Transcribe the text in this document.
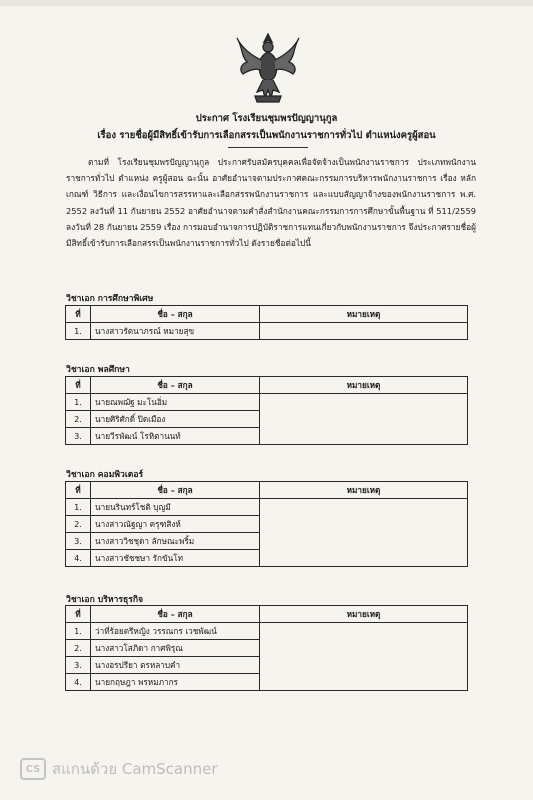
ประกาศ โรงเรียนชุมพรปัญญานุกูล
เรื่อง รายชื่อผู้มีสิทธิ์เข้ารับการเลือกสรรเป็นพนักงานราชการทั่วไป ตำแหน่งครูผู้สอน
ตามที่ โรงเรียนชุมพรปัญญานุกูล ประกาศรับสมัครบุคคลเพื่อจัดจ้างเป็นพนักงานราชการ ประเภทพนักงานราชการทั่วไป ตำแหน่ง ครูผู้สอน ฉะนั้น อาศัยอำนาจตามประกาศคณะกรรมการบริหารพนักงานราชการ เรื่อง หลักเกณฑ์ วิธีการ และเงื่อนไขการสรรหาและเลือกสรรพนักงานราชการ และแบบสัญญาจ้างของพนักงานราชการ พ.ศ. 2552 ลงวันที่ 11 กันยายน 2552 อาศัยอำนาจตามคำสั่งสำนักงานคณะกรรมการการศึกษาขั้นพื้นฐาน ที่ 511/2559 ลงวันที่ 28 กันยายน 2559 เรื่อง การมอบอำนาจการปฏิบัติราชการแทนเกี่ยวกับพนักงานราชการ จึงประกาศรายชื่อผู้มีสิทธิ์เข้ารับการเลือกสรรเป็นพนักงานราชการทั่วไป ดังรายชื่อต่อไปนี้
วิชาเอก การศึกษาพิเศษ
ที่	ชื่อ – สกุล	หมายเหตุ
1.	นางสาวรัตนาภรณ์ หมายสุข	
วิชาเอก พลศึกษา
ที่	ชื่อ – สกุล	หมายเหตุ
1.	นายณพฌัฐ มะโนอิ่ม	
2.	นายศิริศักดิ์ ปิดเมือง	
3.	นายวีรพัฒน์ โรหิตานนท์	
วิชาเอก คอมพิวเตอร์
ที่	ชื่อ – สกุล	หมายเหตุ
1.	นายนรินทร์โชติ บุญมี	
2.	นางสาวณัฐญา ครุฑสิงห์	
3.	นางสาววิชชุดา ลักษณะพริ้ม	
4.	นางสาวชัชชษา รักขันโท	
วิชาเอก บริหารธุรกิจ
ที่	ชื่อ – สกุล	หมายเหตุ
1.	ว่าที่ร้อยตรีหญิง วรรณกร เวชพัฒน์	
2.	นางสาวโสภิดา กาศพิรุณ	
3.	นางอรปรียา ตรหลาบคำ	
4.	นายกฤษฎา พรหมภากร	
CS สแกนด้วย CamScanner
